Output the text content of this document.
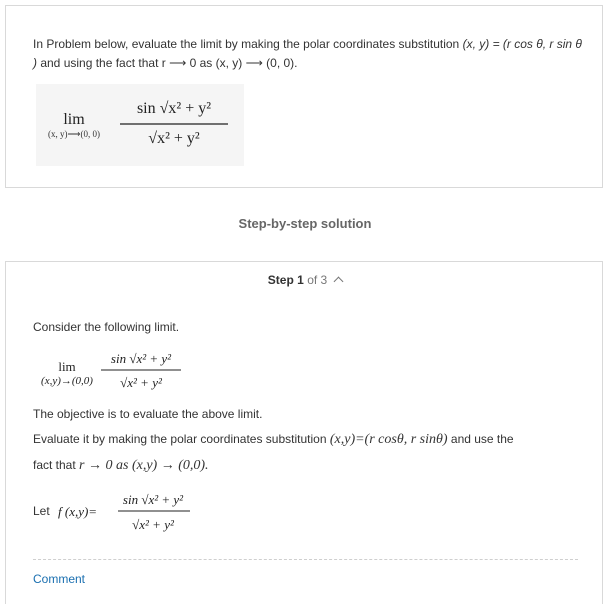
In Problem below, evaluate the limit by making the polar coordinates substitution (x, y) = (r cos θ, r sin θ ) and using the fact that r ⟶ 0 as (x, y) ⟶ (0, 0).
lim
(x, y)⟶(0, 0)
sin √x² + y²
√x² + y²
Step-by-step solution
Step 1 of 3
Consider the following limit.
lim
(x,y)→(0,0)
sin √x² + y²
√x² + y²
The objective is to evaluate the above limit.
Evaluate it by making the polar coordinates substitution (x,y)=(r cosθ, r sinθ) and use the
fact that r → 0 as (x,y) → (0,0).
Let f (x,y)=
sin √x² + y²
√x² + y²
Comment
